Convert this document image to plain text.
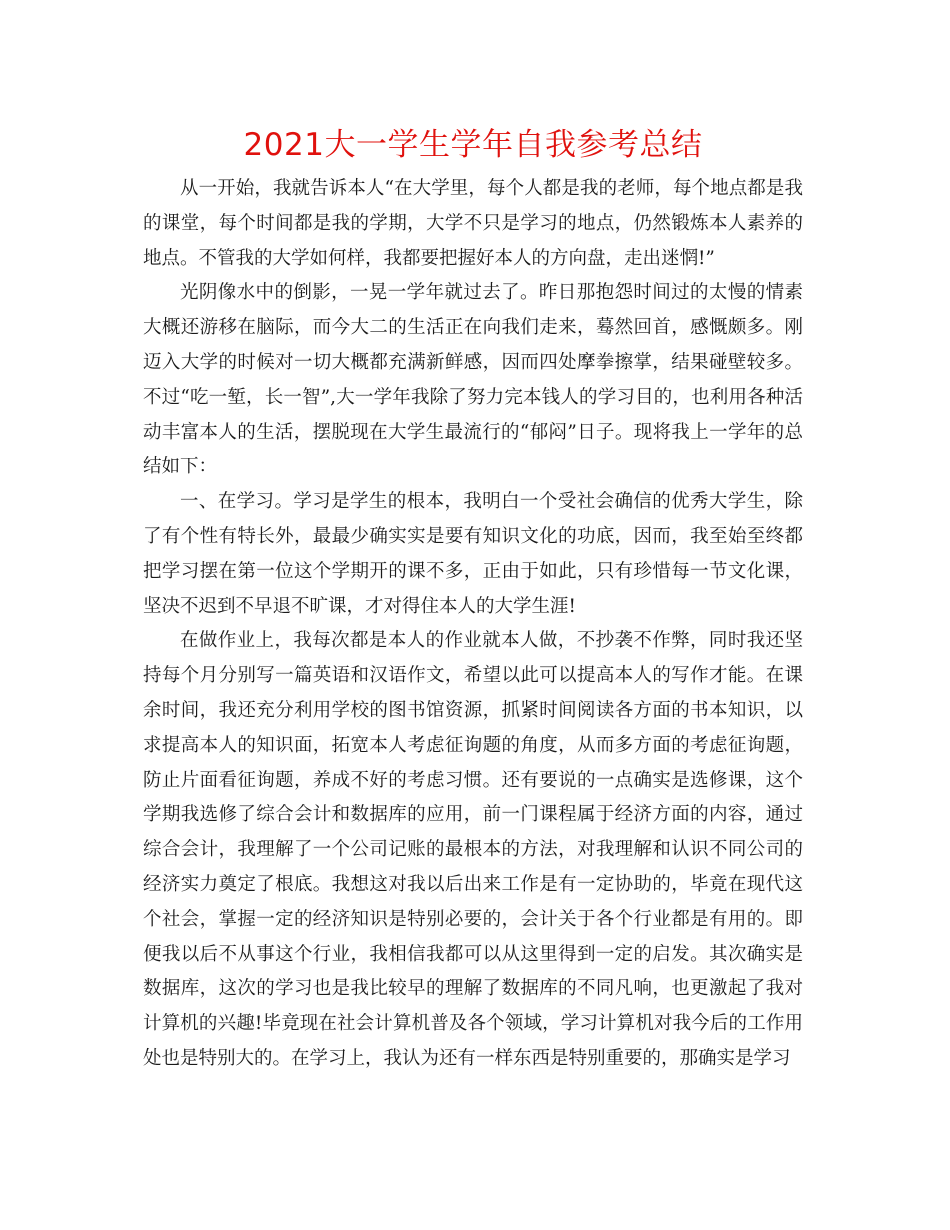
2021大一学生学年自我参考总结

从一开始，我就告诉本人“在大学里，每个人都是我的老师，每个地点都是我的课堂，每个时间都是我的学期，大学不只是学习的地点，仍然锻炼本人素养的地点。不管我的大学如何样，我都要把握好本人的方向盘，走出迷惘!”

光阴像水中的倒影，一晃一学年就过去了。昨日那抱怨时间过的太慢的情素大概还游移在脑际，而今大二的生活正在向我们走来，蓦然回首，感慨颇多。刚迈入大学的时候对一切大概都充满新鲜感，因而四处摩拳擦掌，结果碰壁较多。不过“吃一堑，长一智”,大一学年我除了努力完本钱人的学习目的，也利用各种活动丰富本人的生活，摆脱现在大学生最流行的“郁闷”日子。现将我上一学年的总结如下：

一、在学习。学习是学生的根本，我明白一个受社会确信的优秀大学生，除了有个性有特长外，最最少确实实是要有知识文化的功底，因而，我至始至终都把学习摆在第一位这个学期开的课不多，正由于如此，只有珍惜每一节文化课，坚决不迟到不早退不旷课，才对得住本人的大学生涯!

在做作业上，我每次都是本人的作业就本人做，不抄袭不作弊，同时我还坚持每个月分别写一篇英语和汉语作文，希望以此可以提高本人的写作才能。在课余时间，我还充分利用学校的图书馆资源，抓紧时间阅读各方面的书本知识，以求提高本人的知识面，拓宽本人考虑征询题的角度，从而多方面的考虑征询题，防止片面看征询题，养成不好的考虑习惯。还有要说的一点确实是选修课，这个学期我选修了综合会计和数据库的应用，前一门课程属于经济方面的内容，通过综合会计，我理解了一个公司记账的最根本的方法，对我理解和认识不同公司的经济实力奠定了根底。我想这对我以后出来工作是有一定协助的，毕竟在现代这个社会，掌握一定的经济知识是特别必要的，会计关于各个行业都是有用的。即便我以后不从事这个行业，我相信我都可以从这里得到一定的启发。其次确实是数据库，这次的学习也是我比较早的理解了数据库的不同凡响，也更激起了我对计算机的兴趣!毕竟现在社会计算机普及各个领域，学习计算机对我今后的工作用处也是特别大的。在学习上，我认为还有一样东西是特别重要的，那确实是学习
